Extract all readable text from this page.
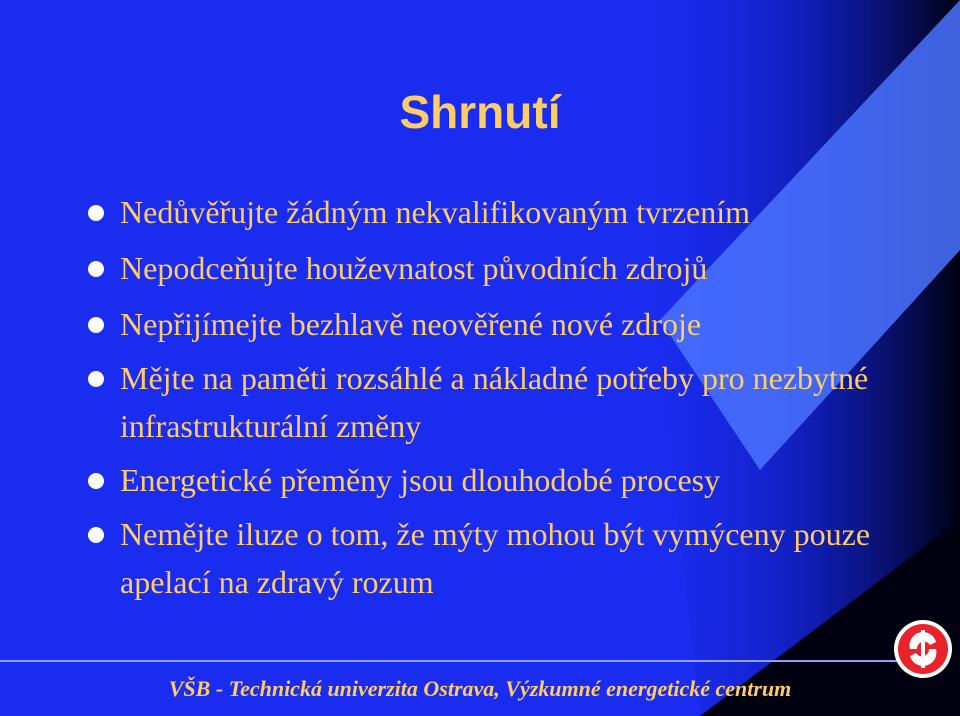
Shrnutí
Nedůvěřujte žádným nekvalifikovaným tvrzením
Nepodceňujte houževnatost původních zdrojů
Nepřijímejte bezhlavě neověřené nové zdroje
Mějte na paměti rozsáhlé a nákladné potřeby pro nezbytné infrastrukturální změny
Energetické přeměny jsou dlouhodobé procesy
Nemějte iluze o tom, že mýty mohou být vymýceny pouze apelací na zdravý rozum
VŠB - Technická univerzita Ostrava, Výzkumné energetické centrum
